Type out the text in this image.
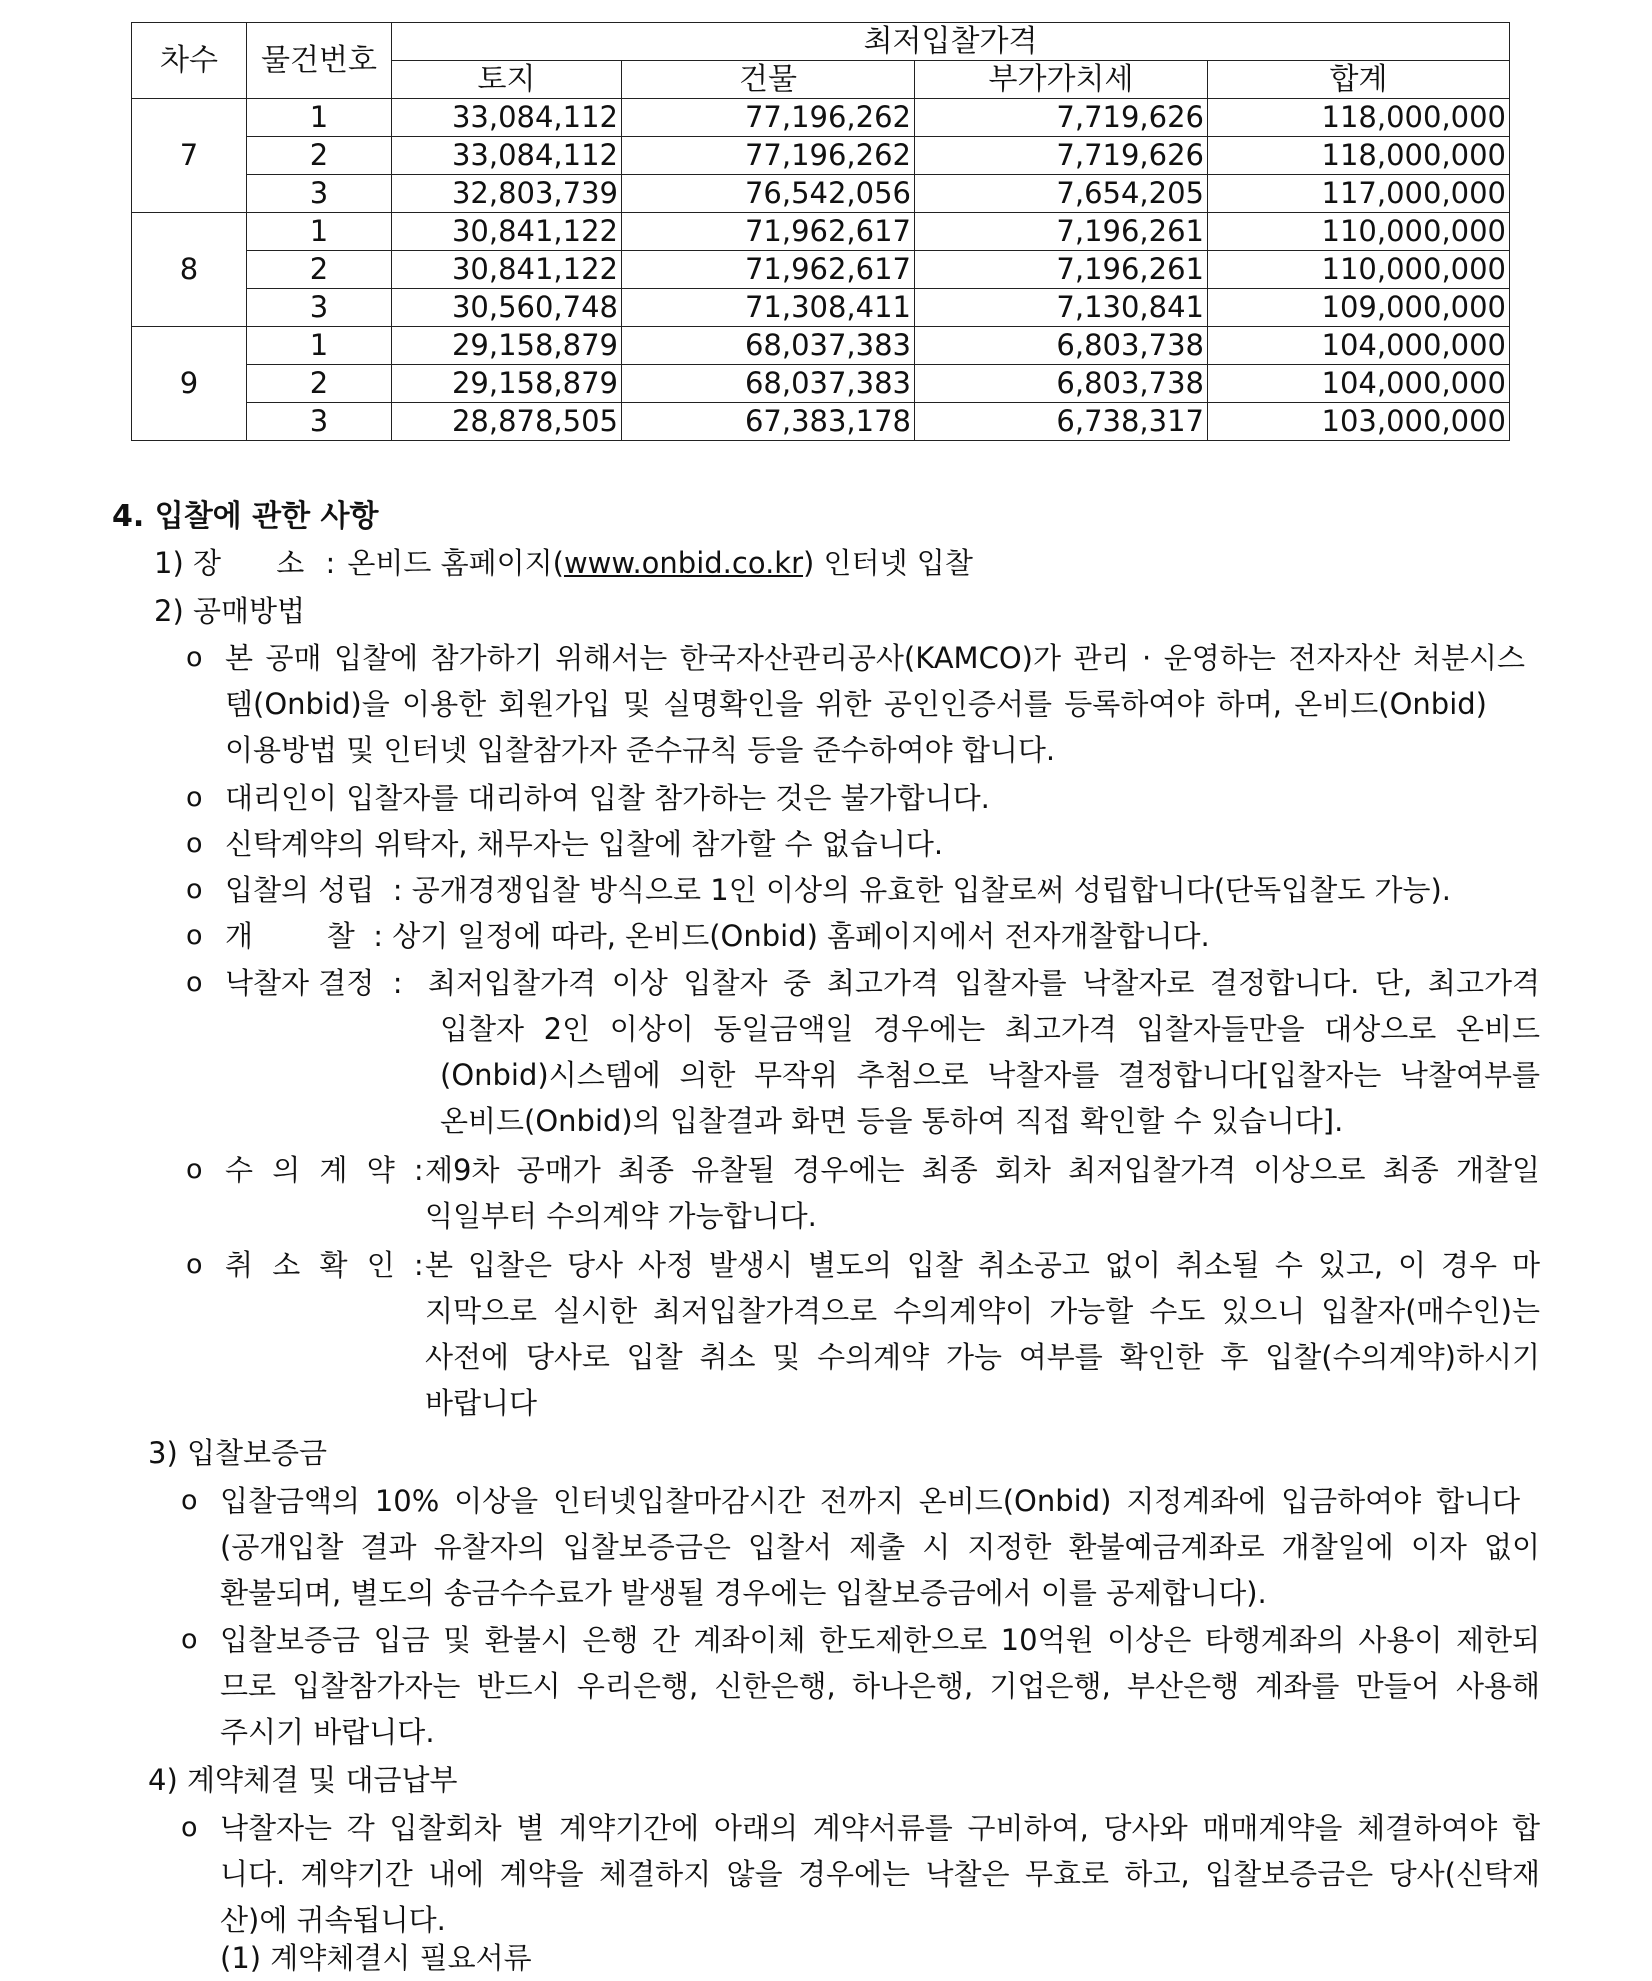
차수	물건번호	최저입찰가격			
		토지	건물	부가가치세	합계
7	1	33,084,112	77,196,262	7,719,626	118,000,000
	2	33,084,112	77,196,262	7,719,626	118,000,000
	3	32,803,739	76,542,056	7,654,205	117,000,000
8	1	30,841,122	71,962,617	7,196,261	110,000,000
	2	30,841,122	71,962,617	7,196,261	110,000,000
	3	30,560,748	71,308,411	7,130,841	109,000,000
9	1	29,158,879	68,037,383	6,803,738	104,000,000
	2	29,158,879	68,037,383	6,803,738	104,000,000
	3	28,878,505	67,383,178	6,738,317	103,000,000
4. 입찰에 관한 사항
1) 장      소 : 온비드 홈페이지(www.onbid.co.kr) 인터넷 입찰
2) 공매방법
o 본 공매 입찰에 참가하기 위해서는 한국자산관리공사(KAMCO)가 관리 · 운영하는 전자자산 처분시스
템(Onbid)을 이용한 회원가입 및 실명확인을 위한 공인인증서를 등록하여야 하며, 온비드(Onbid)
이용방법 및 인터넷 입찰참가자 준수규칙 등을 준수하여야 합니다.
o 대리인이 입찰자를 대리하여 입찰 참가하는 것은 불가합니다.
o 신탁계약의 위탁자, 채무자는 입찰에 참가할 수 없습니다.
o 입찰의 성립  : 공개경쟁입찰 방식으로 1인 이상의 유효한 입찰로써 성립합니다(단독입찰도 가능).
o 개        찰  : 상기 일정에 따라, 온비드(Onbid) 홈페이지에서 전자개찰합니다.
o 낙찰자 결정  : 최저입찰가격 이상 입찰자 중 최고가격 입찰자를 낙찰자로 결정합니다. 단, 최고가격
입찰자 2인 이상이 동일금액일 경우에는 최고가격 입찰자들만을 대상으로 온비드
(Onbid)시스템에 의한 무작위 추첨으로 낙찰자를 결정합니다[입찰자는 낙찰여부를
온비드(Onbid)의 입찰결과 화면 등을 통하여 직접 확인할 수 있습니다].
o 수 의 계 약 : 제9차 공매가 최종 유찰될 경우에는 최종 회차 최저입찰가격 이상으로 최종 개찰일
익일부터 수의계약 가능합니다.
o 취 소 확 인 : 본 입찰은 당사 사정 발생시 별도의 입찰 취소공고 없이 취소될 수 있고, 이 경우 마
지막으로 실시한 최저입찰가격으로 수의계약이 가능할 수도 있으니 입찰자(매수인)는
사전에 당사로 입찰 취소 및 수의계약 가능 여부를 확인한 후 입찰(수의계약)하시기
바랍니다
3) 입찰보증금
o 입찰금액의 10% 이상을 인터넷입찰마감시간 전까지 온비드(Onbid) 지정계좌에 입금하여야 합니다
(공개입찰 결과 유찰자의 입찰보증금은 입찰서 제출 시 지정한 환불예금계좌로 개찰일에 이자 없이
환불되며, 별도의 송금수수료가 발생될 경우에는 입찰보증금에서 이를 공제합니다).
o 입찰보증금 입금 및 환불시 은행 간 계좌이체 한도제한으로 10억원 이상은 타행계좌의 사용이 제한되
므로 입찰참가자는 반드시 우리은행, 신한은행, 하나은행, 기업은행, 부산은행 계좌를 만들어 사용해
주시기 바랍니다.
4) 계약체결 및 대금납부
o 낙찰자는 각 입찰회차 별 계약기간에 아래의 계약서류를 구비하여, 당사와 매매계약을 체결하여야 합
니다. 계약기간 내에 계약을 체결하지 않을 경우에는 낙찰은 무효로 하고, 입찰보증금은 당사(신탁재
산)에 귀속됩니다.
(1) 계약체결시 필요서류
